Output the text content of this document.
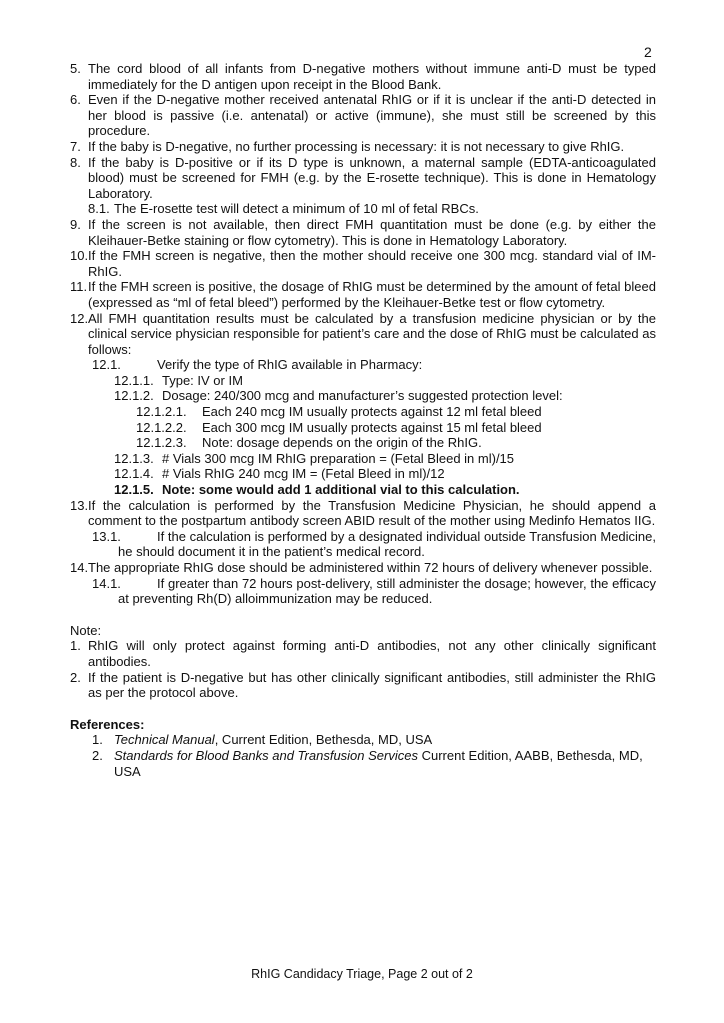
2
5. The cord blood of all infants from D-negative mothers without immune anti-D must be typed immediately for the D antigen upon receipt in the Blood Bank.
6. Even if the D-negative mother received antenatal RhIG or if it is unclear if the anti-D detected in her blood is passive (i.e. antenatal) or active (immune), she must still be screened by this procedure.
7. If the baby is D-negative, no further processing is necessary: it is not necessary to give RhIG.
8. If the baby is D-positive or if its D type is unknown, a maternal sample (EDTA-anticoagulated blood) must be screened for FMH (e.g. by the E-rosette technique). This is done in Hematology Laboratory.
8.1. The E-rosette test will detect a minimum of 10 ml of fetal RBCs.
9. If the screen is not available, then direct FMH quantitation must be done (e.g. by either the Kleihauer-Betke staining or flow cytometry). This is done in Hematology Laboratory.
10. If the FMH screen is negative, then the mother should receive one 300 mcg. standard vial of IM-RhIG.
11. If the FMH screen is positive, the dosage of RhIG must be determined by the amount of fetal bleed (expressed as “ml of fetal bleed”) performed by the Kleihauer-Betke test or flow cytometry.
12. All FMH quantitation results must be calculated by a transfusion medicine physician or by the clinical service physician responsible for patient’s care and the dose of RhIG must be calculated as follows:
12.1.	Verify the type of RhIG available in Pharmacy:
12.1.1. Type: IV or IM
12.1.2. Dosage: 240/300 mcg and manufacturer’s suggested protection level:
12.1.2.1. Each 240 mcg IM usually protects against 12 ml fetal bleed
12.1.2.2. Each 300 mcg IM usually protects against 15 ml fetal bleed
12.1.2.3. Note: dosage depends on the origin of the RhIG.
12.1.3. # Vials 300 mcg IM RhIG preparation = (Fetal Bleed in ml)/15
12.1.4. # Vials RhIG 240 mcg IM = (Fetal Bleed in ml)/12
12.1.5. Note: some would add 1 additional vial to this calculation.
13. If the calculation is performed by the Transfusion Medicine Physician, he should append a comment to the postpartum antibody screen ABID result of the mother using Medinfo Hematos IIG.
13.1.	If the calculation is performed by a designated individual outside Transfusion Medicine, he should document it in the patient’s medical record.
14. The appropriate RhIG dose should be administered within 72 hours of delivery whenever possible.
14.1.	If greater than 72 hours post-delivery, still administer the dosage; however, the efficacy at preventing Rh(D) alloimmunization may be reduced.
Note:
1. RhIG will only protect against forming anti-D antibodies, not any other clinically significant antibodies.
2. If the patient is D-negative but has other clinically significant antibodies, still administer the RhIG as per the protocol above.
References:
1. Technical Manual, Current Edition, Bethesda, MD, USA
2. Standards for Blood Banks and Transfusion Services Current Edition, AABB, Bethesda, MD, USA
RhIG Candidacy Triage, Page 2 out of 2
